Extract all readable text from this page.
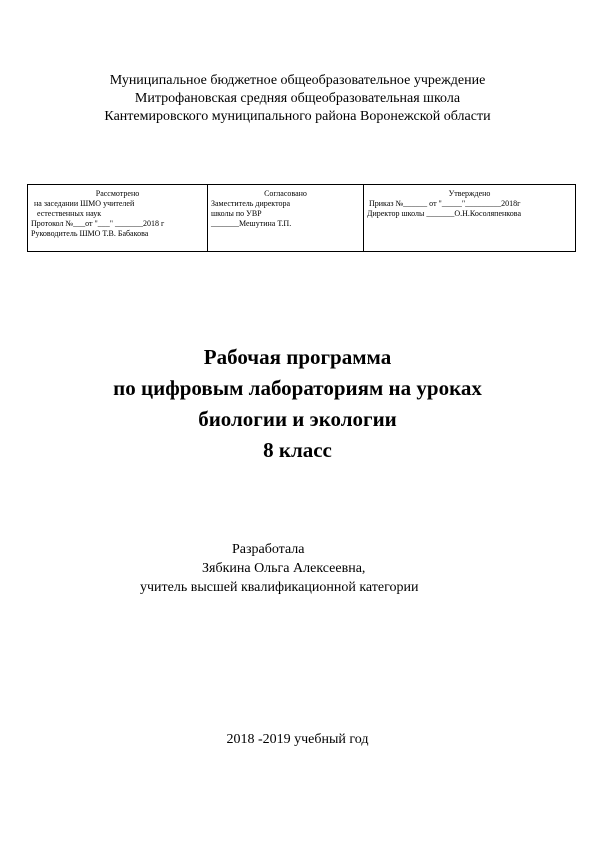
Муниципальное бюджетное общеобразовательное учреждение
Митрофановская средняя общеобразовательная школа
Кантемировского муниципального района Воронежской области
Рассмотрено
на заседании ШМО учителей
естественных наук
Протокол №___от "___" _______2018 г
Руководитель ШМО Т.В. Бабакова

Согласовано
Заместитель директора
школы по УВР
_______Мешутина Т.П.

Утверждено
Приказ №______ от "_____"_________2018г
Директор школы _______О.Н.Косоляпенкова
Рабочая программа
по цифровым лабораториям на уроках
биологии и экологии
8 класс
Разработала
Зябкина Ольга Алексеевна,
учитель высшей квалификационной категории
2018 -2019 учебный год
